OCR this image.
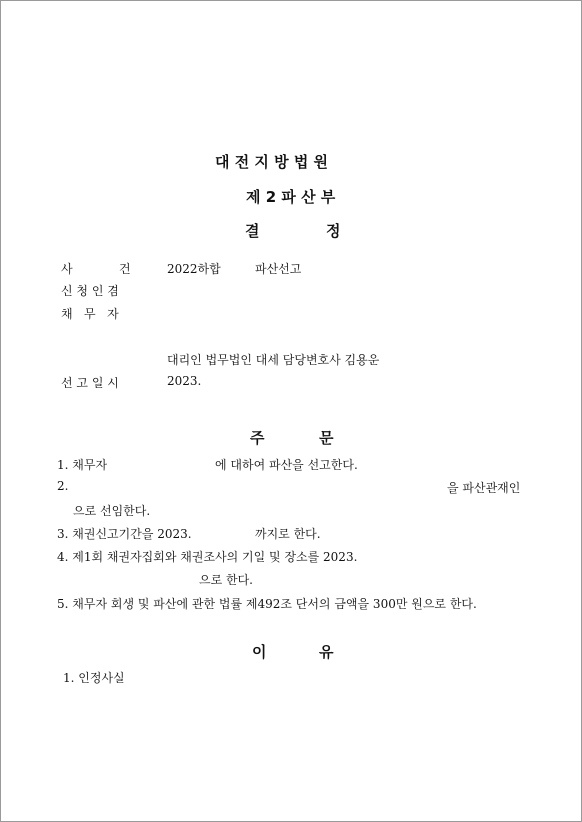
대 전 지 방 법 원
제 2 파 산 부
결	정
사	건	2022하합	파산선고
신 청 인 겸
채   무   자
대리인 법무법인 대세 담당변호사 김용운
선 고 일 시	2023.
주	문
1. 채무자	에 대하여 파산을 선고한다.
2.	을 파산관재인
으로 선임한다.
3. 채권신고기간을 2023.	까지로 한다.
4. 제1회 채권자집회와 채권조사의 기일 및 장소를 2023.
으로 한다.
5. 채무자 회생 및 파산에 관한 법률 제492조 단서의 금액을 300만 원으로 한다.
이	유
1. 인정사실
